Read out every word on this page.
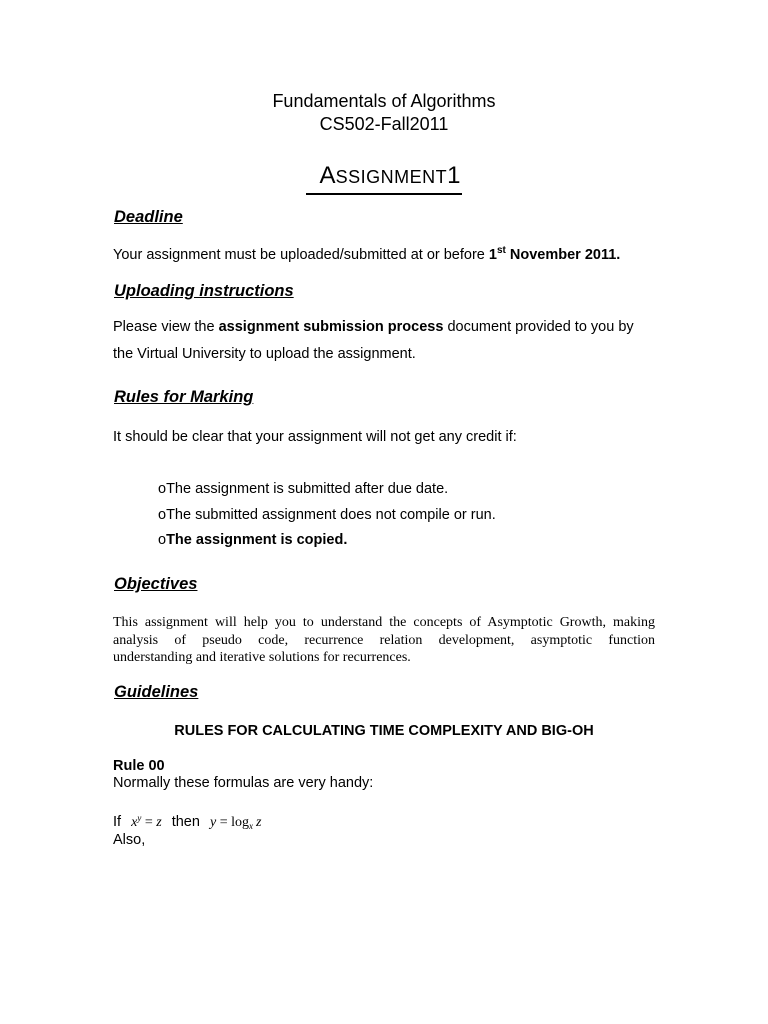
Fundamentals of Algorithms
CS502-Fall2011
ASSIGNMENT1
Deadline
Your assignment must be uploaded/submitted at or before 1st November 2011.
Uploading instructions
Please view the assignment submission process document provided to you by
the Virtual University to upload the assignment.
Rules for Marking
It should be clear that your assignment will not get any credit if:
oThe assignment is submitted after due date.
oThe submitted assignment does not compile or run.
oThe assignment is copied.
Objectives
This assignment will help you to understand the concepts of Asymptotic Growth, making
analysis of pseudo code, recurrence relation development, asymptotic function
understanding and iterative solutions for recurrences.
Guidelines
RULES FOR CALCULATING TIME COMPLEXITY AND BIG-OH
Rule 00
Normally these formulas are very handy:
If $x^y = z$ then $y = \log_x z$
Also,
